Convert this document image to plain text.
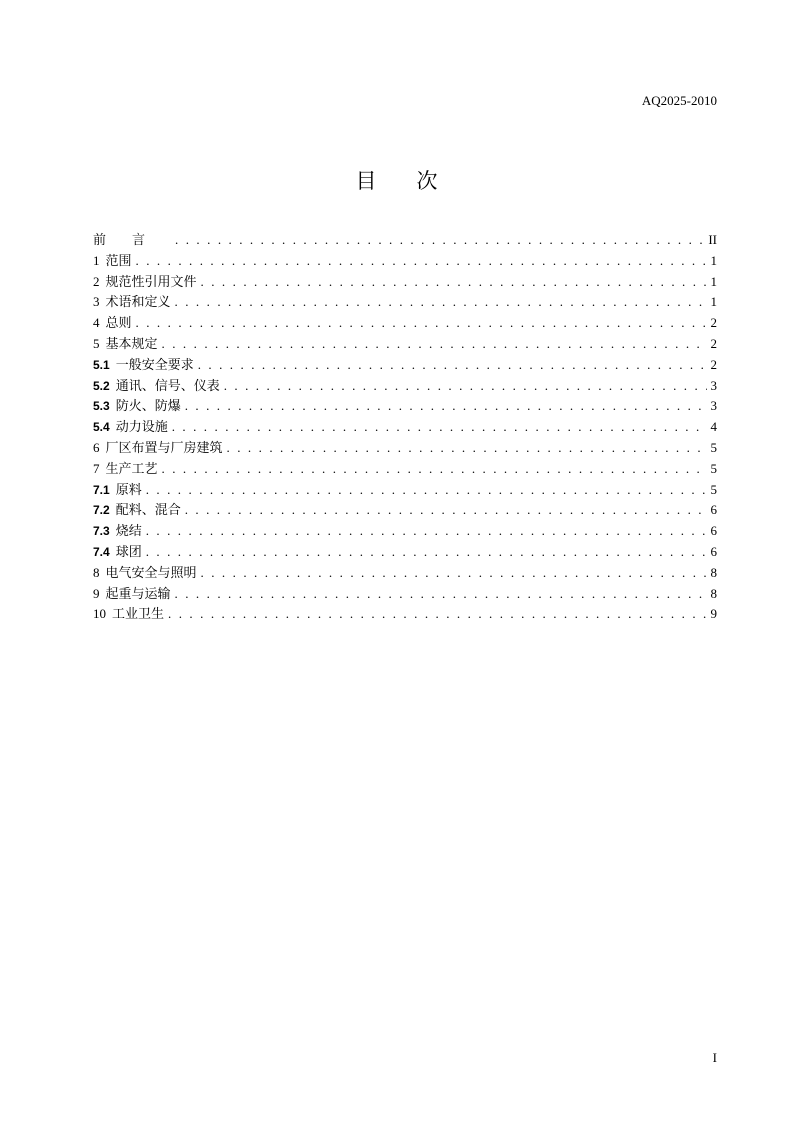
AQ2025-2010
目 次
前言 . . .	II
1 范围 . . .	1
2 规范性引用文件 . . .	1
3 术语和定义 . . .	1
4 总则 . . .	2
5 基本规定 . . .	2
5.1 一般安全要求 . . .	2
5.2 通讯、信号、仪表 . . .	3
5.3 防火、防爆 . . .	3
5.4 动力设施 . . .	4
6 厂区布置与厂房建筑 . . .	5
7 生产工艺 . . .	5
7.1 原料 . . .	5
7.2 配料、混合 . . .	6
7.3 烧结 . . .	6
7.4 球团 . . .	6
8 电气安全与照明 . . .	8
9 起重与运输 . . .	8
10 工业卫生 . . .	9
I
